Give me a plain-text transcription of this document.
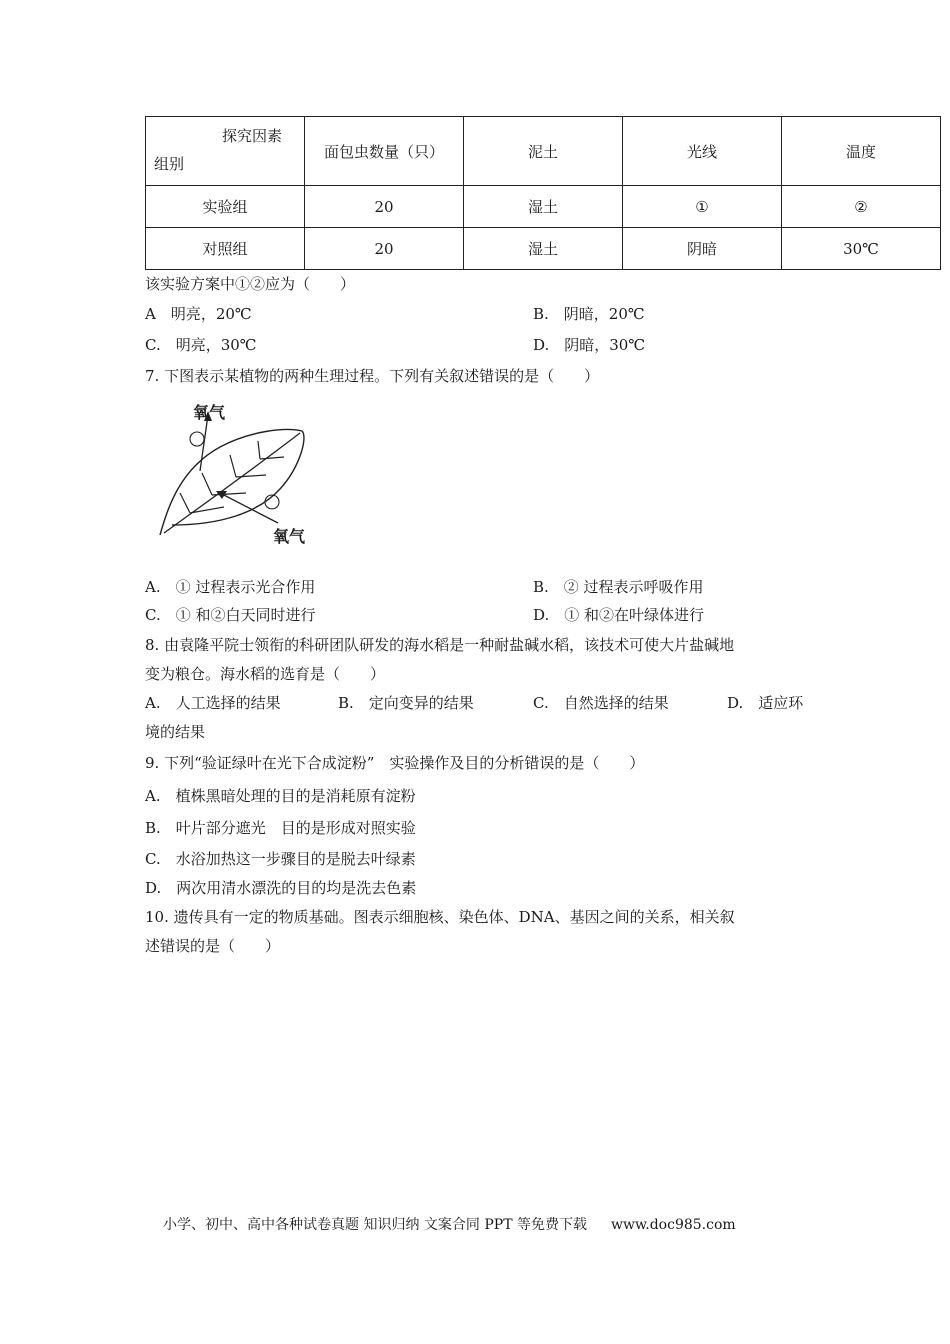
探究因素
组别	面包虫数量（只）	泥土	光线	温度
实验组	20	湿土	①	②
对照组	20	湿土	阴暗	30℃
该实验方案中①②应为（　　）
A　明亮，20℃	B.　阴暗，20℃
C.　明亮，30℃	D.　阴暗，30℃
7. 下图表示某植物的两种生理过程。下列有关叙述错误的是（　　）
氧气
氧气
A.　① 过程表示光合作用	B.　② 过程表示呼吸作用
C.　① 和②白天同时进行	D.　① 和②在叶绿体进行
8. 由袁隆平院士领衔的科研团队研发的海水稻是一种耐盐碱水稻，该技术可使大片盐碱地
变为粮仓。海水稻的选育是（　　）
A.　人工选择的结果	B.　定向变异的结果	C.　自然选择的结果	D.　适应环
境的结果
9. 下列“验证绿叶在光下合成淀粉”　实验操作及目的分析错误的是（　　）
A.　植株黑暗处理的目的是消耗原有淀粉
B.　叶片部分遮光　目的是形成对照实验
C.　水浴加热这一步骤目的是脱去叶绿素
D.　两次用清水漂洗的目的均是洗去色素
10. 遗传具有一定的物质基础。图表示细胞核、染色体、DNA、基因之间的关系，相关叙
述错误的是（　　）
小学、初中、高中各种试卷真题 知识归纳 文案合同 PPT 等免费下载 www.doc985.com
